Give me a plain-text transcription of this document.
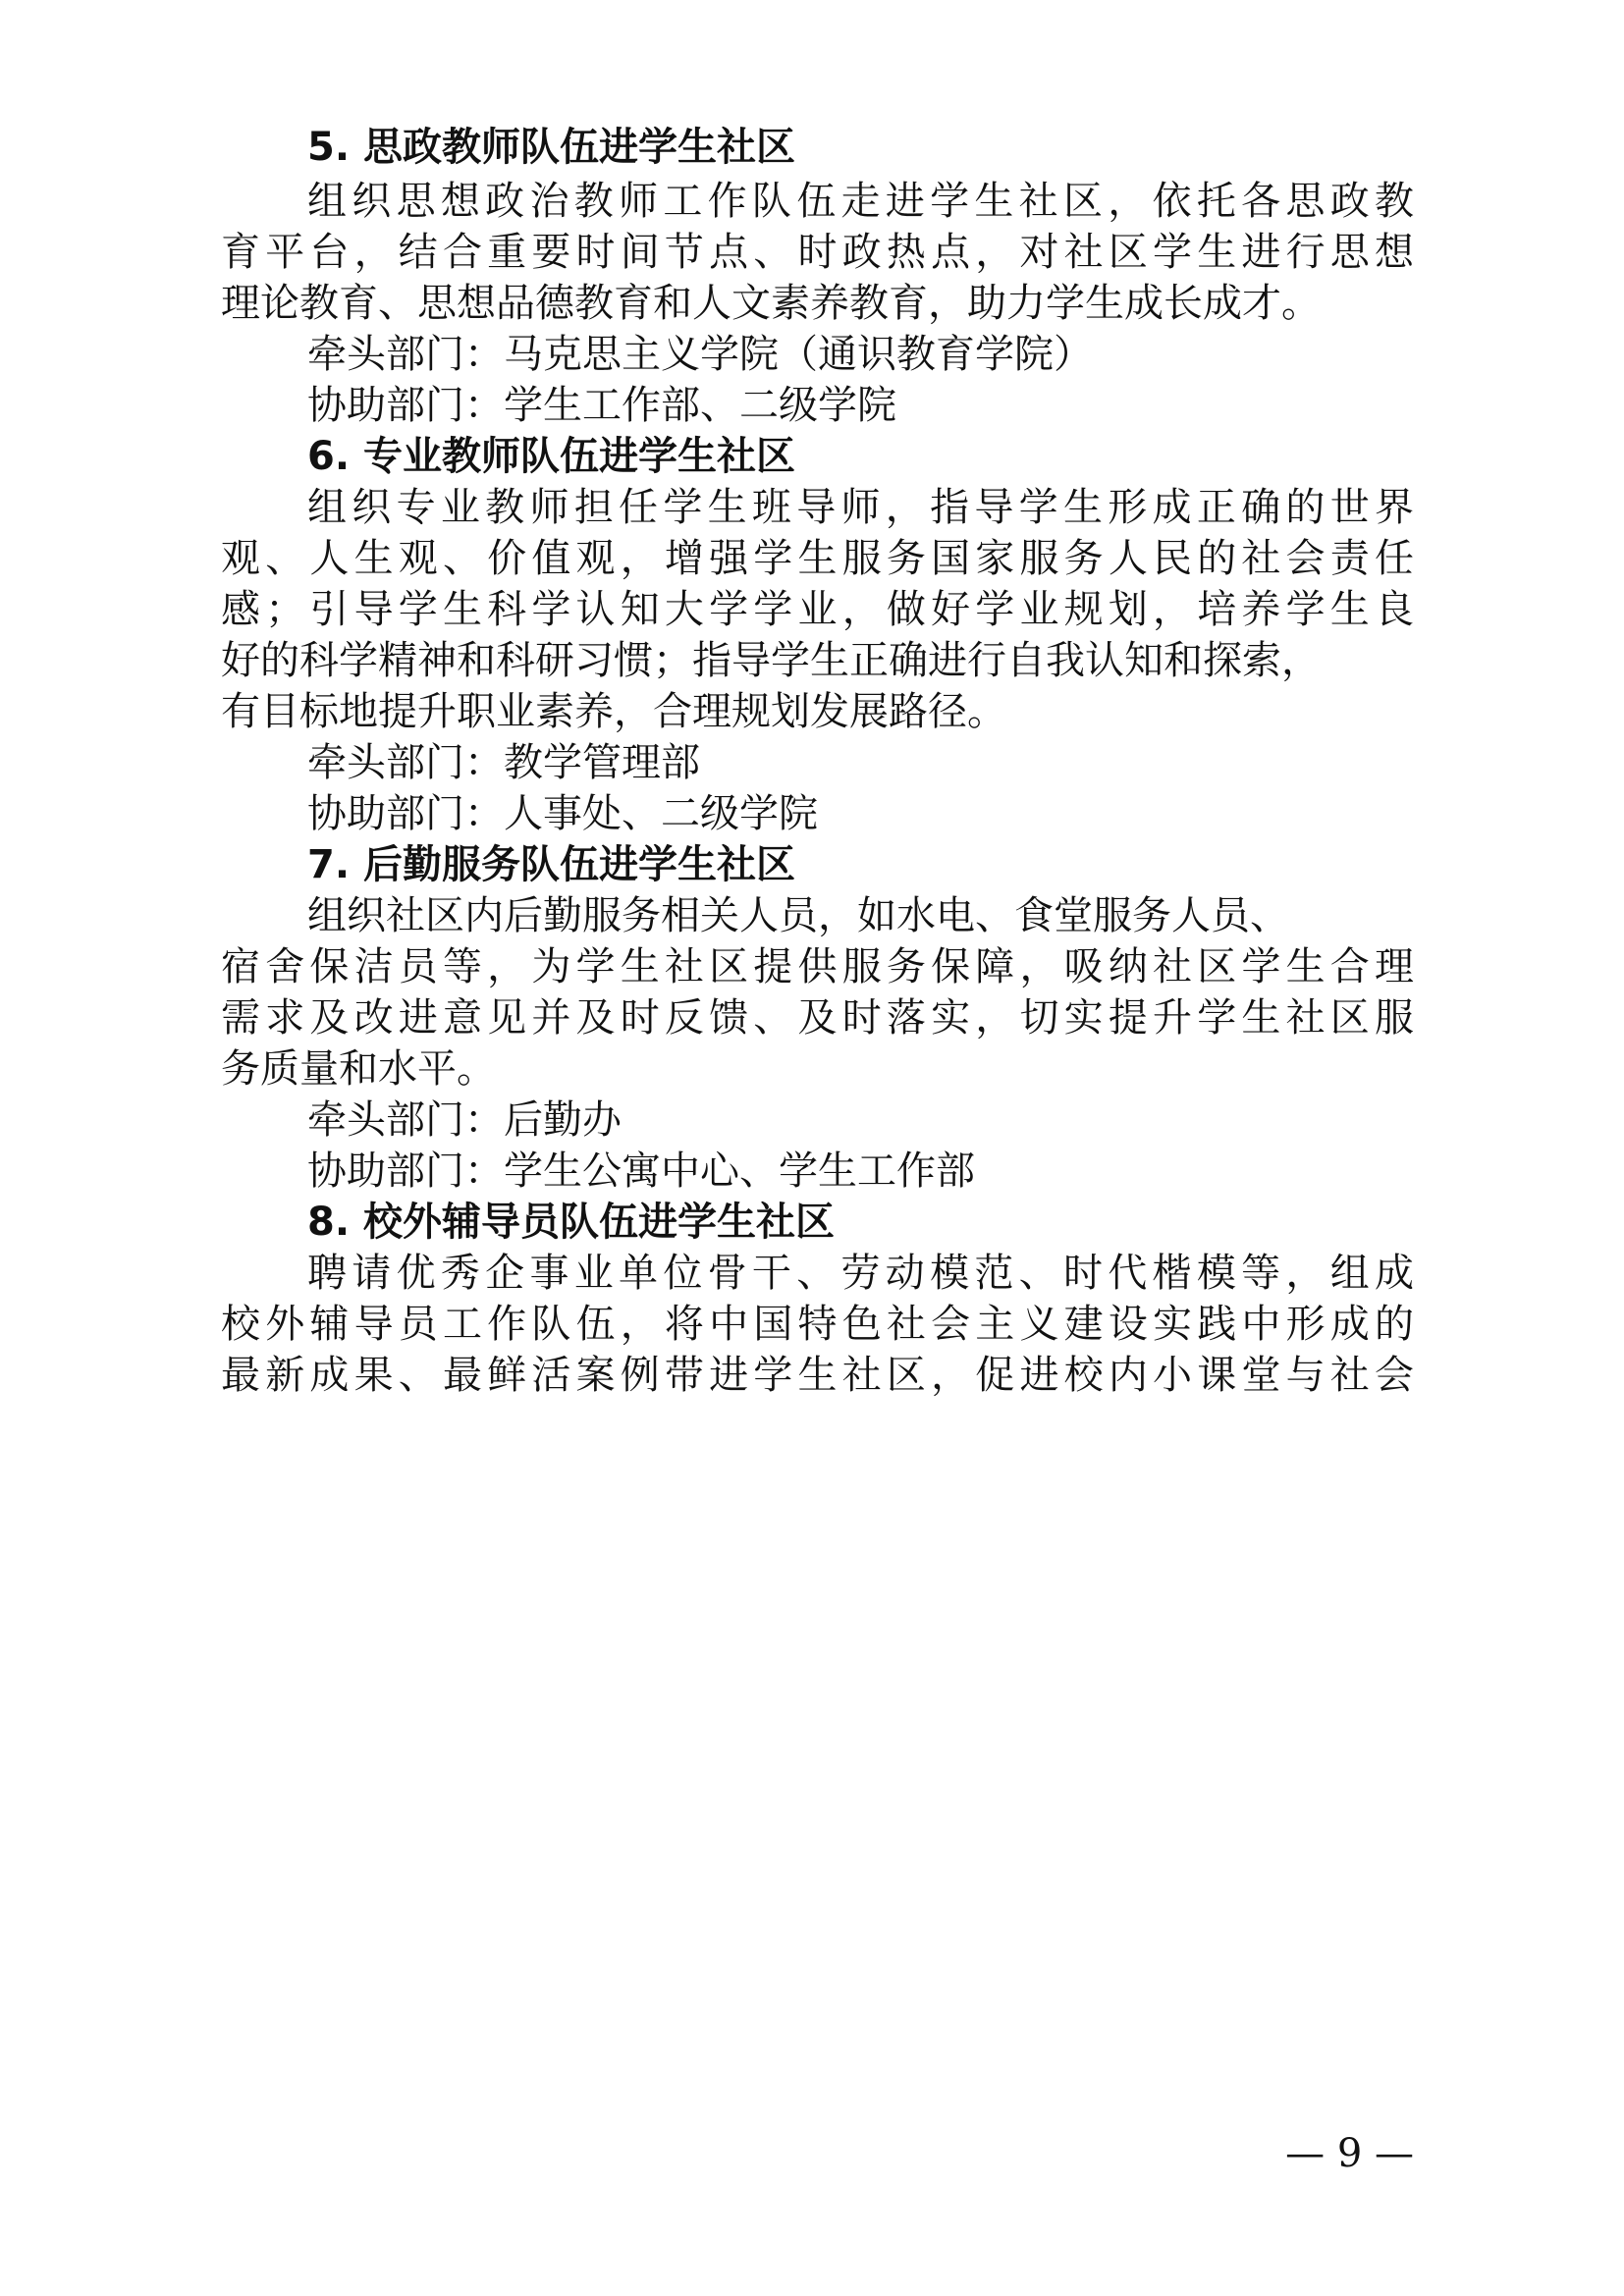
5. 思政教师队伍进学生社区
组织思想政治教师工作队伍走进学生社区，依托各思政教
育平台，结合重要时间节点、时政热点，对社区学生进行思想
理论教育、思想品德教育和人文素养教育，助力学生成长成才。
牵头部门：马克思主义学院（通识教育学院）
协助部门：学生工作部、二级学院
6. 专业教师队伍进学生社区
组织专业教师担任学生班导师，指导学生形成正确的世界
观、人生观、价值观，增强学生服务国家服务人民的社会责任
感；引导学生科学认知大学学业，做好学业规划，培养学生良
好的科学精神和科研习惯；指导学生正确进行自我认知和探索，
有目标地提升职业素养，合理规划发展路径。
牵头部门：教学管理部
协助部门：人事处、二级学院
7. 后勤服务队伍进学生社区
组织社区内后勤服务相关人员，如水电、食堂服务人员、
宿舍保洁员等，为学生社区提供服务保障，吸纳社区学生合理
需求及改进意见并及时反馈、及时落实，切实提升学生社区服
务质量和水平。
牵头部门：后勤办
协助部门：学生公寓中心、学生工作部
8. 校外辅导员队伍进学生社区
聘请优秀企事业单位骨干、劳动模范、时代楷模等，组成
校外辅导员工作队伍，将中国特色社会主义建设实践中形成的
最新成果、最鲜活案例带进学生社区，促进校内小课堂与社会
— 9 —
